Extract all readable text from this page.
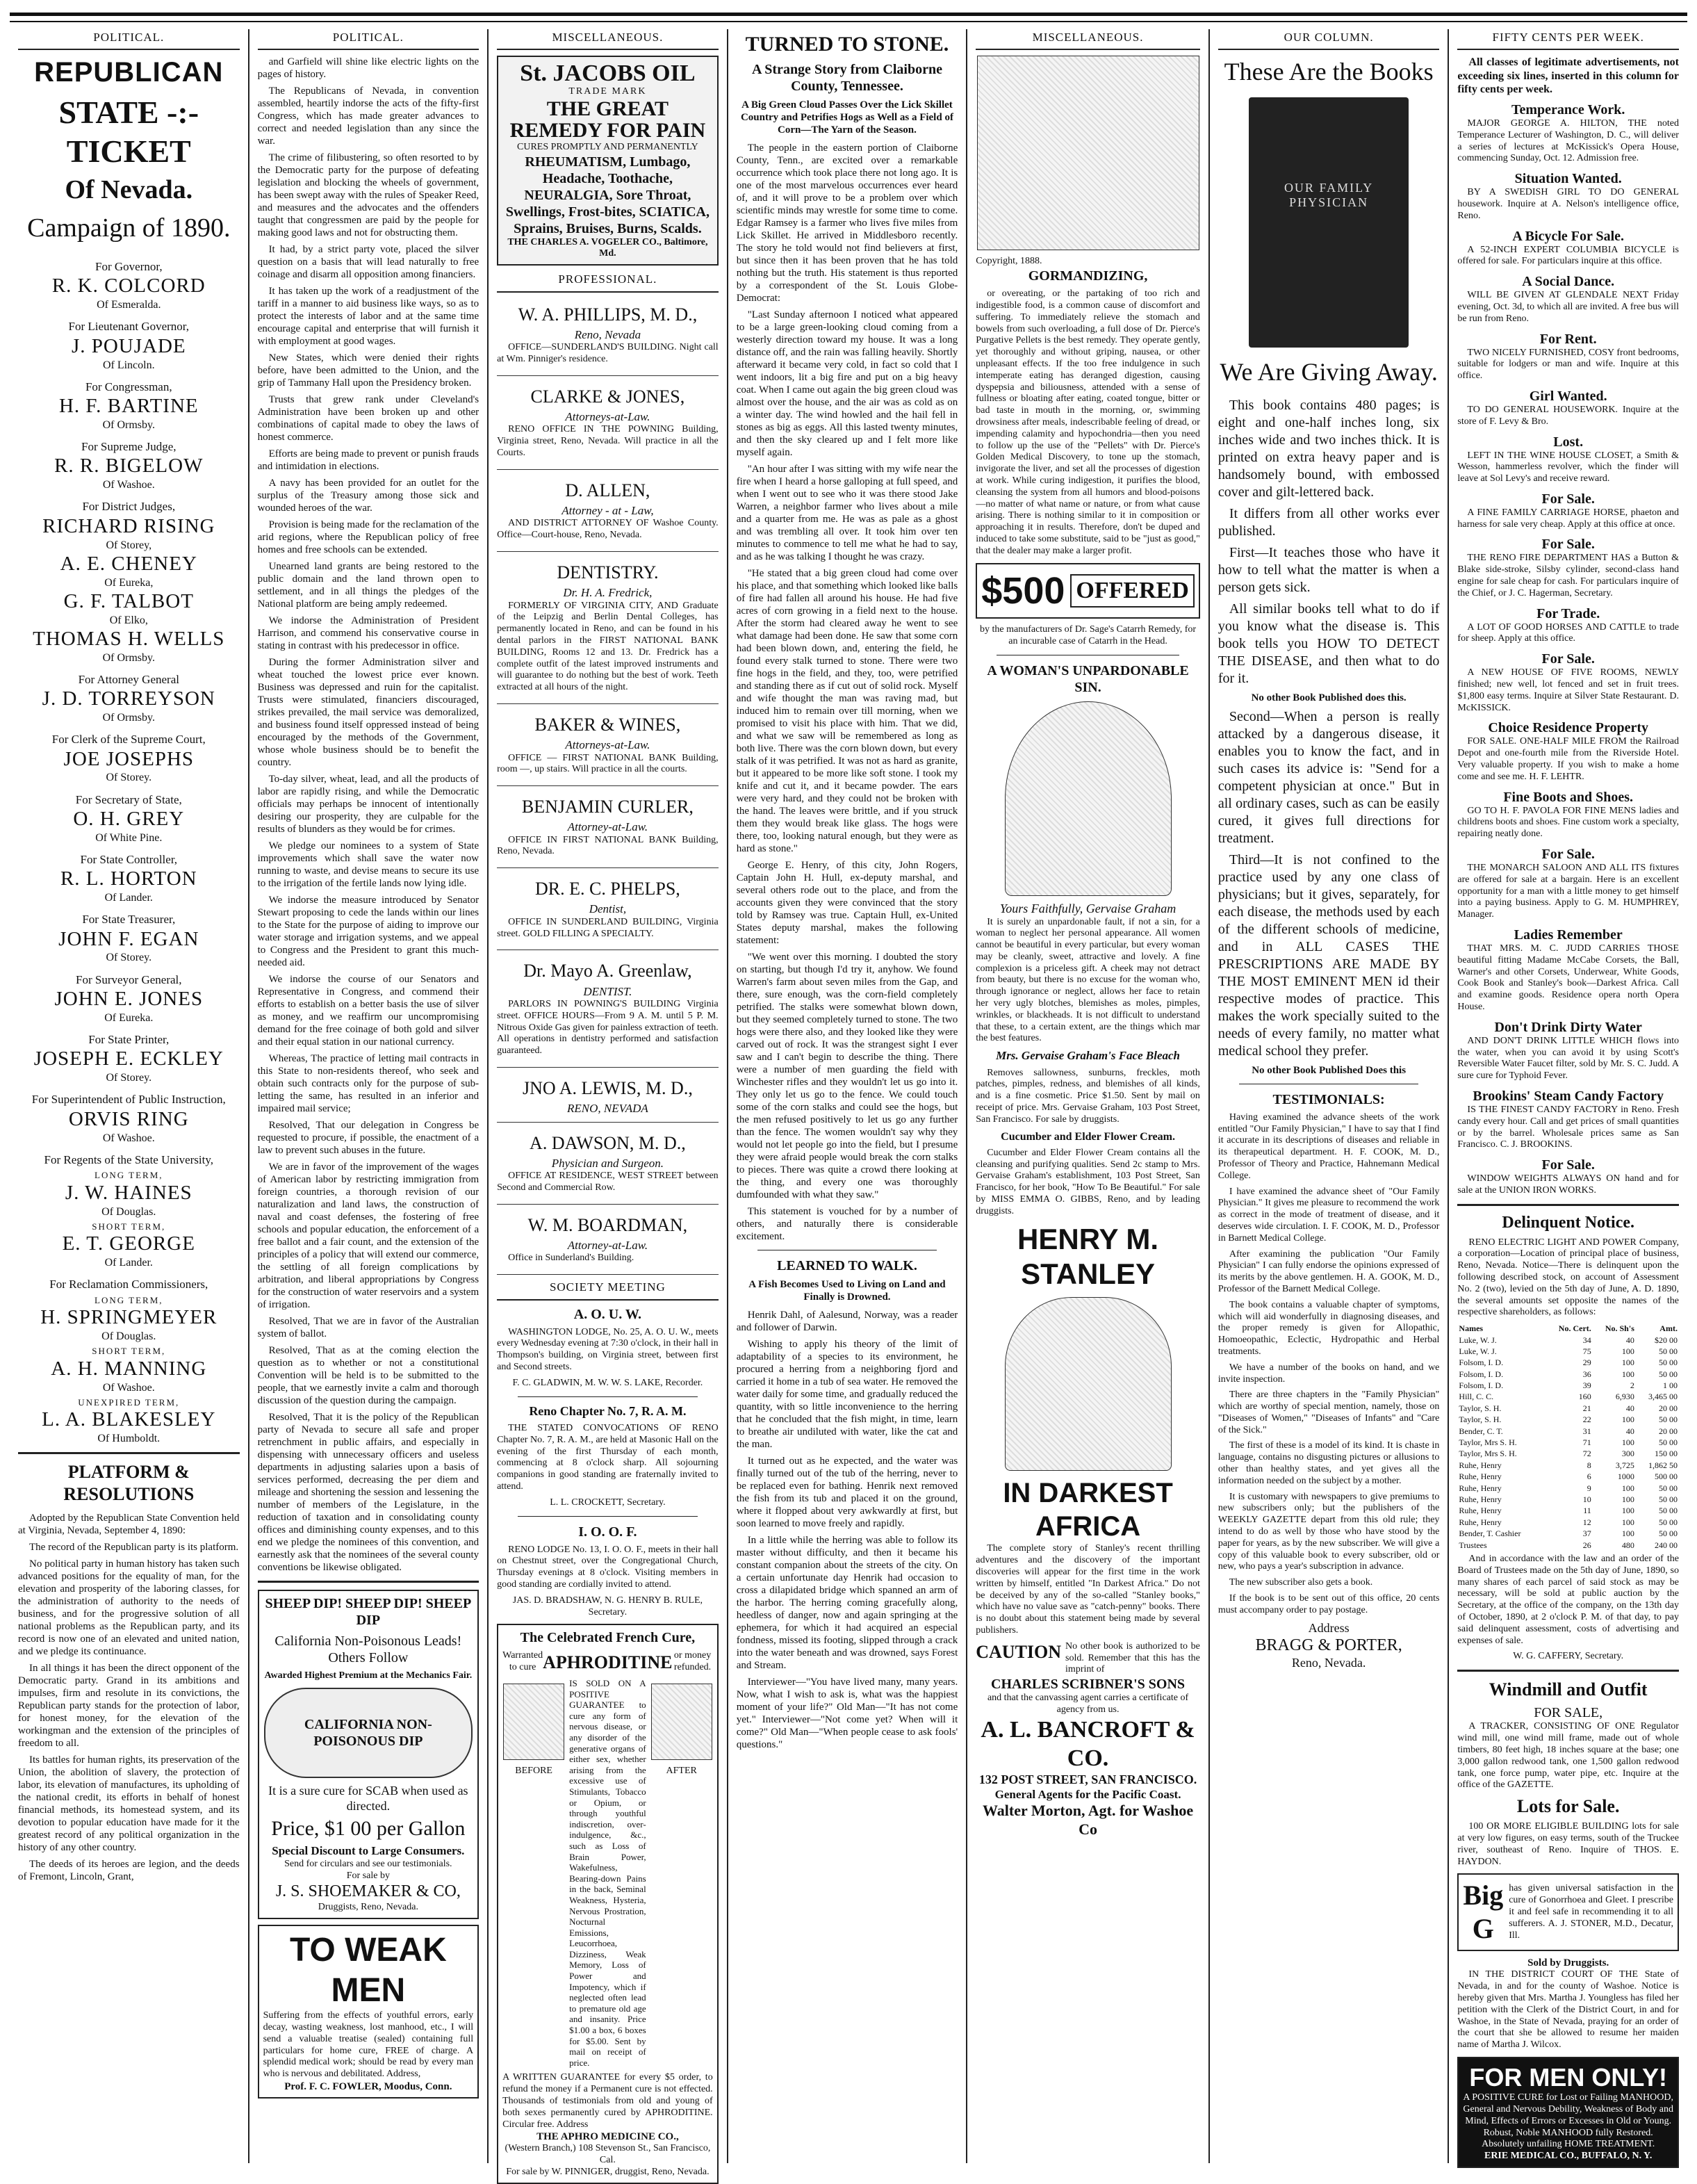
POLITICAL.
REPUBLICAN
STATE -:- TICKET
Of Nevada.
Campaign of 1890.
For Governor,
R. K. COLCORD
Of Esmeralda.
For Lieutenant Governor,
J. POUJADE
Of Lincoln.
For Congressman,
H. F. BARTINE
Of Ormsby.
For Supreme Judge,
R. R. BIGELOW
Of Washoe.
For District Judges,
RICHARD RISING
Of Storey,
A. E. CHENEY
Of Eureka,
G. F. TALBOT
Of Elko,
THOMAS H. WELLS
Of Ormsby.
For Attorney General
J. D. TORREYSON
Of Ormsby.
For Clerk of the Supreme Court,
JOE JOSEPHS
Of Storey.
For Secretary of State,
O. H. GREY
Of White Pine.
For State Controller,
R. L. HORTON
Of Lander.
For State Treasurer,
JOHN F. EGAN
Of Storey.
For Surveyor General,
JOHN E. JONES
Of Eureka.
For State Printer,
JOSEPH E. ECKLEY
Of Storey.
For Superintendent of Public Instruction,
ORVIS RING
Of Washoe.
For Regents of the State University,
LONG TERM,
J. W. HAINES
Of Douglas.
SHORT TERM,
E. T. GEORGE
Of Lander.
For Reclamation Commissioners,
LONG TERM,
H. SPRINGMEYER
Of Douglas.
SHORT TERM,
A. H. MANNING
Of Washoe.
UNEXPIRED TERM,
L. A. BLAKESLEY
Of Humboldt.
PLATFORM & RESOLUTIONS

Adopted by the Republican State Convention held at Virginia, Nevada, September 4, 1890:

The record of the Republican party is its platform.

No political party in human history has taken such advanced positions for the equality of man, for the elevation and prosperity of the laboring classes, for the administration of authority to the needs of business, and for the progressive solution of all national problems as the Republican party, and its record is now one of an elevated and united nation, and we pledge its continuance.

In all things it has been the direct opponent of the Democratic party. Grand in its ambitions and impulses, firm and resolute in its convictions, the Republican party stands for the protection of labor, for honest money, for the elevation of the workingman and the extension of the principles of freedom to all.

Its battles for human rights, its preservation of the Union, the abolition of slavery, the protection of labor, its elevation of manufactures, its upholding of the national credit, its efforts in behalf of honest financial methods, its homestead system, and its devotion to popular education have made for it the greatest record of any political organization in the history of any other country.

The deeds of its heroes are legion, and the deeds of Fremont, Lincoln, Grant,

POLITICAL.

and Garfield will shine like electric lights on the pages of history.

The Republicans of Nevada, in convention assembled, heartily indorse the acts of the fifty-first Congress, which has made greater advances to correct and needed legislation than any since the war.

The crime of filibustering, so often resorted to by the Democratic party for the purpose of defeating legislation and blocking the wheels of government, has been swept away with the rules of Speaker Reed, and measures and the advocates and the offenders taught that congressmen are paid by the people for making good laws and not for obstructing them.

It had, by a strict party vote, placed the silver question on a basis that will lead naturally to free coinage and disarm all opposition among financiers.

It has taken up the work of a readjustment of the tariff in a manner to aid business like ways, so as to protect the interests of labor and at the same time encourage capital and enterprise that will furnish it with employment at good wages.

New States, which were denied their rights before, have been admitted to the Union, and the grip of Tammany Hall upon the Presidency broken.

Trusts that grew rank under Cleveland's Administration have been broken up and other combinations of capital made to obey the laws of honest commerce.

Efforts are being made to prevent or punish frauds and intimidation in elections.

A navy has been provided for an outlet for the surplus of the Treasury among those sick and wounded heroes of the war.

Provision is being made for the reclamation of the arid regions, where the Republican policy of free homes and free schools can be extended.

Unearned land grants are being restored to the public domain and the land thrown open to settlement, and in all things the pledges of the National platform are being amply redeemed.

We indorse the Administration of President Harrison, and commend his conservative course in stating in contrast with his predecessor in office.

During the former Administration silver and wheat touched the lowest price ever known. Business was depressed and ruin for the capitalist. Trusts were stimulated, financiers discouraged, strikes prevailed, the mail service was demoralized, and business found itself oppressed instead of being encouraged by the methods of the Government, whose whole business should be to benefit the country.

To-day silver, wheat, lead, and all the products of labor are rapidly rising, and while the Democratic officials may perhaps be innocent of intentionally desiring our prosperity, they are culpable for the results of blunders as they would be for crimes.

We pledge our nominees to a system of State improvements which shall save the water now running to waste, and devise means to secure its use to the irrigation of the fertile lands now lying idle.

We indorse the measure introduced by Senator Stewart proposing to cede the lands within our lines to the State for the purpose of aiding to improve our water storage and irrigation systems, and we appeal to Congress and the President to grant this much-needed aid.

We indorse the course of our Senators and Representative in Congress, and commend their efforts to establish on a better basis the use of silver as money, and we reaffirm our uncompromising demand for the free coinage of both gold and silver and their equal station in our national currency.

Whereas, The practice of letting mail contracts in this State to non-residents thereof, who seek and obtain such contracts only for the purpose of sub-letting the same, has resulted in an inferior and impaired mail service;

Resolved, That our delegation in Congress be requested to procure, if possible, the enactment of a law to prevent such abuses in the future.

We are in favor of the improvement of the wages of American labor by restricting immigration from foreign countries, a thorough revision of our naturalization and land laws, the construction of naval and coast defenses, the fostering of free schools and popular education, the enforcement of a free ballot and a fair count, and the extension of the principles of a policy that will extend our commerce, the settling of all foreign complications by arbitration, and liberal appropriations by Congress for the construction of water reservoirs and a system of irrigation.

Resolved, That we are in favor of the Australian system of ballot.

Resolved, That as at the coming election the question as to whether or not a constitutional Convention will be held is to be submitted to the people, that we earnestly invite a calm and thorough discussion of the question during the campaign.

Resolved, That it is the policy of the Republican party of Nevada to secure all safe and proper retrenchment in public affairs, and especially in dispensing with unnecessary officers and useless departments in adjusting salaries upon a basis of services performed, decreasing the per diem and mileage and shortening the session and lessening the number of members of the Legislature, in the reduction of taxation and in consolidating county offices and diminishing county expenses, and to this end we pledge the nominees of this convention, and earnestly ask that the nominees of the several county conventions be likewise obligated.

SHEEP DIP! SHEEP DIP! SHEEP DIP
California Non-Poisonous Leads! Others Follow
Awarded Highest Premium at the Mechanics Fair.
CALIFORNIA NON-POISONOUS DIP
It is a sure cure for SCAB when used as directed.
Price, $1 00 per Gallon
Special Discount to Large Consumers.
Send for circulars and see our testimonials.
For sale by
J. S. SHOEMAKER & CO,
Druggists, Reno, Nevada.
TO WEAK MEN
Suffering from the effects of youthful errors, early decay, wasting weakness, lost manhood, etc., I will send a valuable treatise (sealed) containing full particulars for home cure, FREE of charge. A splendid medical work; should be read by every man who is nervous and debilitated. Address,
Prof. F. C. FOWLER, Moodus, Conn.
MISCELLANEOUS.
St. JACOBS OIL
TRADE MARK
THE GREAT REMEDY FOR PAIN
CURES PROMPTLY AND PERMANENTLY
RHEUMATISM, Lumbago, Headache, Toothache, NEURALGIA, Sore Throat, Swellings, Frost-bites, SCIATICA, Sprains, Bruises, Burns, Scalds.
THE CHARLES A. VOGELER CO., Baltimore, Md.
PROFESSIONAL.
W. A. PHILLIPS, M. D.,
Reno, Nevada

OFFICE—SUNDERLAND'S BUILDING. Night call at Wm. Pinniger's residence.

CLARKE & JONES,
Attorneys-at-Law.

RENO OFFICE IN THE POWNING Building, Virginia street, Reno, Nevada. Will practice in all the Courts.

D. ALLEN,
Attorney - at - Law,

AND DISTRICT ATTORNEY OF Washoe County. Office—Court-house, Reno, Nevada.

DENTISTRY.
Dr. H. A. Fredrick,

FORMERLY OF VIRGINIA CITY, AND Graduate of the Leipzig and Berlin Dental Colleges, has permanently located in Reno, and can be found in his dental parlors in the FIRST NATIONAL BANK BUILDING, Rooms 12 and 13. Dr. Fredrick has a complete outfit of the latest improved instruments and will guarantee to do nothing but the best of work. Teeth extracted at all hours of the night.

BAKER & WINES,
Attorneys-at-Law.

OFFICE — FIRST NATIONAL BANK Building, room —, up stairs. Will practice in all the courts.

BENJAMIN CURLER,
Attorney-at-Law.

OFFICE IN FIRST NATIONAL BANK Building, Reno, Nevada.

DR. E. C. PHELPS,
Dentist,

OFFICE IN SUNDERLAND BUILDING, Virginia street. GOLD FILLING A SPECIALTY.

Dr. Mayo A. Greenlaw,
DENTIST.

PARLORS IN POWNING'S BUILDING Virginia street. OFFICE HOURS—From 9 A. M. until 5 P. M. Nitrous Oxide Gas given for painless extraction of teeth. All operations in dentistry performed and satisfaction guaranteed.

JNO A. LEWIS, M. D.,
RENO, NEVADA
A. DAWSON, M. D.,
Physician and Surgeon.

OFFICE AT RESIDENCE, WEST STREET between Second and Commercial Row.

W. M. BOARDMAN,
Attorney-at-Law.

Office in Sunderland's Building.

SOCIETY MEETING
A. O. U. W.

WASHINGTON LODGE, No. 25, A. O. U. W., meets every Wednesday evening at 7:30 o'clock, in their hall in Thompson's building, on Virginia street, between first and Second streets.

F. C. GLADWIN, M. W. W. S. LAKE, Recorder.
Reno Chapter No. 7, R. A. M.

THE STATED CONVOCATIONS OF RENO Chapter No. 7, R. A. M., are held at Masonic Hall on the evening of the first Thursday of each month, commencing at 8 o'clock sharp. All sojourning companions in good standing are fraternally invited to attend.

L. L. CROCKETT, Secretary.
I. O. O. F.

RENO LODGE No. 13, I. O. O. F., meets in their hall on Chestnut street, over the Congregational Church, Thursday evenings at 8 o'clock. Visiting members in good standing are cordially invited to attend.

JAS. D. BRADSHAW, N. G. HENRY B. RULE, Secretary.
The Celebrated French Cure,
Warranted to cure APHRODITINE or money refunded.
BEFORE
IS SOLD ON A POSITIVE GUARANTEE to cure any form of nervous disease, or any disorder of the generative organs of either sex, whether arising from the excessive use of Stimulants, Tobacco or Opium, or through youthful indiscretion, over-indulgence, &c., such as Loss of Brain Power, Wakefulness, Bearing-down Pains in the back, Seminal Weakness, Hysteria, Nervous Prostration, Nocturnal Emissions, Leucorrhoea, Dizziness, Weak Memory, Loss of Power and Impotency, which if neglected often lead to premature old age and insanity. Price $1.00 a box, 6 boxes for $5.00. Sent by mail on receipt of price.
AFTER
A WRITTEN GUARANTEE for every $5 order, to refund the money if a Permanent cure is not effected. Thousands of testimonials from old and young of both sexes permanently cured by APHRODITINE. Circular free. Address
THE APHRO MEDICINE CO.,
(Western Branch,) 108 Stevenson St., San Francisco, Cal.
For sale by W. PINNIGER, druggist, Reno, Nevada.
TURNED TO STONE.
A Strange Story from Claiborne County, Tennessee.
A Big Green Cloud Passes Over the Lick Skillet Country and Petrifies Hogs as Well as a Field of Corn—The Yarn of the Season.

The people in the eastern portion of Claiborne County, Tenn., are excited over a remarkable occurrence which took place there not long ago. It is one of the most marvelous occurrences ever heard of, and it will prove to be a problem over which scientific minds may wrestle for some time to come. Edgar Ramsey is a farmer who lives five miles from Lick Skillet. He arrived in Middlesboro recently. The story he told would not find believers at first, but since then it has been proven that he has told nothing but the truth. His statement is thus reported by a correspondent of the St. Louis Globe-Democrat:

"Last Sunday afternoon I noticed what appeared to be a large green-looking cloud coming from a westerly direction toward my house. It was a long distance off, and the rain was falling heavily. Shortly afterward it became very cold, in fact so cold that I went indoors, lit a big fire and put on a big heavy coat. When I came out again the big green cloud was almost over the house, and the air was as cold as on a winter day. The wind howled and the hail fell in stones as big as eggs. All this lasted twenty minutes, and then the sky cleared up and I felt more like myself again.

"An hour after I was sitting with my wife near the fire when I heard a horse galloping at full speed, and when I went out to see who it was there stood Jake Warren, a neighbor farmer who lives about a mile and a quarter from me. He was as pale as a ghost and was trembling all over. It took him over ten minutes to commence to tell me what he had to say, and as he was talking I thought he was crazy.

"He stated that a big green cloud had come over his place, and that something which looked like balls of fire had fallen all around his house. He had five acres of corn growing in a field next to the house. After the storm had cleared away he went to see what damage had been done. He saw that some corn had been blown down, and, entering the field, he found every stalk turned to stone. There were two fine hogs in the field, and they, too, were petrified and standing there as if cut out of solid rock. Myself and wife thought the man was raving mad, but induced him to remain over till morning, when we promised to visit his place with him. That we did, and what we saw will be remembered as long as both live. There was the corn blown down, but every stalk of it was petrified. It was not as hard as granite, but it appeared to be more like soft stone. I took my knife and cut it, and it became powder. The ears were very hard, and they could not be broken with the hand. The leaves were brittle, and if you struck them they would break like glass. The hogs were there, too, looking natural enough, but they were as hard as stone."

George E. Henry, of this city, John Rogers, Captain John H. Hull, ex-deputy marshal, and several others rode out to the place, and from the accounts given they were convinced that the story told by Ramsey was true. Captain Hull, ex-United States deputy marshal, makes the following statement:

"We went over this morning. I doubted the story on starting, but though I'd try it, anyhow. We found Warren's farm about seven miles from the Gap, and there, sure enough, was the corn-field completely petrified. The stalks were somewhat blown down, but they seemed completely turned to stone. The two hogs were there also, and they looked like they were carved out of rock. It was the strangest sight I ever saw and I can't begin to describe the thing. There were a number of men guarding the field with Winchester rifles and they wouldn't let us go into it. They only let us go to the fence. We could touch some of the corn stalks and could see the hogs, but the men refused positively to let us go any further than the fence. The women wouldn't say why they would not let people go into the field, but I presume they were afraid people would break the corn stalks to pieces. There was quite a crowd there looking at the thing, and every one was thoroughly dumfounded with what they saw."

This statement is vouched for by a number of others, and naturally there is considerable excitement.

LEARNED TO WALK.
A Fish Becomes Used to Living on Land and Finally is Drowned.

Henrik Dahl, of Aalesund, Norway, was a reader and follower of Darwin.

Wishing to apply his theory of the limit of adaptability of a species to its environment, he procured a herring from a neighboring fjord and carried it home in a tub of sea water. He removed the water daily for some time, and gradually reduced the quantity, with so little inconvenience to the herring that he concluded that the fish might, in time, learn to breathe air undiluted with water, like the cat and the man.

It turned out as he expected, and the water was finally turned out of the tub of the herring, never to be replaced even for bathing. Henrik next removed the fish from its tub and placed it on the ground, where it flopped about very awkwardly at first, but soon learned to move freely and rapidly.

In a little while the herring was able to follow its master without difficulty, and then it became his constant companion about the streets of the city. On a certain unfortunate day Henrik had occasion to cross a dilapidated bridge which spanned an arm of the harbor. The herring coming gracefully along, heedless of danger, now and again springing at the ephemera, for which it had acquired an especial fondness, missed its footing, slipped through a crack into the water beneath and was drowned, says Forest and Stream.

Interviewer—"You have lived many, many years. Now, what I wish to ask is, what was the happiest moment of your life?" Old Man—"It has not come yet." Interviewer—"Not come yet? When will it come?" Old Man—"When people cease to ask fools' questions."

MISCELLANEOUS.
Copyright, 1888.
GORMANDIZING,

or overeating, or the partaking of too rich and indigestible food, is a common cause of discomfort and suffering. To immediately relieve the stomach and bowels from such overloading, a full dose of Dr. Pierce's Purgative Pellets is the best remedy. They operate gently, yet thoroughly and without griping, nausea, or other unpleasant effects. If the too free indulgence in such intemperate eating has deranged digestion, causing dyspepsia and biliousness, attended with a sense of fullness or bloating after eating, coated tongue, bitter or bad taste in mouth in the morning, or, swimming drowsiness after meals, indescribable feeling of dread, or impending calamity and hypochondria—then you need to follow up the use of the "Pellets" with Dr. Pierce's Golden Medical Discovery, to tone up the stomach, invigorate the liver, and set all the processes of digestion at work. While curing indigestion, it purifies the blood, cleansing the system from all humors and blood-poisons—no matter of what name or nature, or from what cause arising. There is nothing similar to it in composition or approaching it in results. Therefore, don't be duped and induced to take some substitute, said to be "just as good," that the dealer may make a larger profit.

$500 OFFERED
by the manufacturers of Dr. Sage's Catarrh Remedy, for an incurable case of Catarrh in the Head.
A WOMAN'S UNPARDONABLE SIN.
Yours Faithfully, Gervaise Graham

It is surely an unpardonable fault, if not a sin, for a woman to neglect her personal appearance. All women cannot be beautiful in every particular, but every woman may be cleanly, sweet, attractive and lovely. A fine complexion is a priceless gift. A cheek may not detract from beauty, but there is no excuse for the woman who, through ignorance or neglect, allows her face to retain her very ugly blotches, blemishes as moles, pimples, wrinkles, or blackheads. It is not difficult to understand that these, to a certain extent, are the things which mar the best features.

Mrs. Gervaise Graham's Face Bleach

Removes sallowness, sunburns, freckles, moth patches, pimples, redness, and blemishes of all kinds, and is a fine cosmetic. Price $1.50. Sent by mail on receipt of price. Mrs. Gervaise Graham, 103 Post Street, San Francisco. For sale by druggists.

Cucumber and Elder Flower Cream.

Cucumber and Elder Flower Cream contains all the cleansing and purifying qualities. Send 2c stamp to Mrs. Gervaise Graham's establishment, 103 Post Street, San Francisco, for her book, "How To Be Beautiful." For sale by MISS EMMA O. GIBBS, Reno, and by leading druggists.

HENRY M. STANLEY
IN DARKEST AFRICA

The complete story of Stanley's recent thrilling adventures and the discovery of the important discoveries will appear for the first time in the work written by himself, entitled "In Darkest Africa." Do not be deceived by any of the so-called "Stanley books," which have no value save as "catch-penny" books. There is no doubt about this statement being made by several publishers.

CAUTION No other book is authorized to be sold. Remember that this has the imprint of
CHARLES SCRIBNER'S SONS
and that the canvassing agent carries a certificate of agency from us.
A. L. BANCROFT & CO.
132 POST STREET, SAN FRANCISCO.
General Agents for the Pacific Coast.
Walter Morton, Agt. for Washoe Co
OUR COLUMN.
These Are the Books
OUR FAMILY PHYSICIAN
We Are Giving Away.

This book contains 480 pages; is eight and one-half inches long, six inches wide and two inches thick. It is printed on extra heavy paper and is handsomely bound, with embossed cover and gilt-lettered back.

It differs from all other works ever published.

First—It teaches those who have it how to tell what the matter is when a person gets sick.

All similar books tell what to do if you know what the disease is. This book tells you HOW TO DETECT THE DISEASE, and then what to do for it.

No other Book Published does this.

Second—When a person is really attacked by a dangerous disease, it enables you to know the fact, and in such cases its advice is: "Send for a competent physician at once." But in all ordinary cases, such as can be easily cured, it gives full directions for treatment.

Third—It is not confined to the practice used by any one class of physicians; but it gives, separately, for each disease, the methods used by each of the different schools of medicine, and in ALL CASES THE PRESCRIPTIONS ARE MADE BY THE MOST EMINENT MEN id their respective modes of practice. This makes the work specially suited to the needs of every family, no matter what medical school they prefer.

No other Book Published Does this
TESTIMONIALS:

Having examined the advance sheets of the work entitled "Our Family Physician," I have to say that I find it accurate in its descriptions of diseases and reliable in its therapeutical department. H. F. COOK, M. D., Professor of Theory and Practice, Hahnemann Medical College.

I have examined the advance sheet of "Our Family Physician." It gives me pleasure to recommend the work as correct in the mode of treatment of disease, and it deserves wide circulation. I. F. COOK, M. D., Professor in Barnett Medical College.

After examining the publication "Our Family Physician" I can fully endorse the opinions expressed of its merits by the above gentlemen. H. A. GOOK, M. D., Professor of the Barnett Medical College.

The book contains a valuable chapter of symptoms, which will aid wonderfully in diagnosing diseases, and the proper remedy is given for Allopathic, Homoeopathic, Eclectic, Hydropathic and Herbal treatments.

We have a number of the books on hand, and we invite inspection.

There are three chapters in the "Family Physician" which are worthy of special mention, namely, those on "Diseases of Women," "Diseases of Infants" and "Care of the Sick."

The first of these is a model of its kind. It is chaste in language, contains no disgusting pictures or allusions to other than healthy states, and yet gives all the information needed on the subject by a mother.

It is customary with newspapers to give premiums to new subscribers only; but the publishers of the WEEKLY GAZETTE depart from this old rule; they intend to do as well by those who have stood by the paper for years, as by the new subscriber. We will give a copy of this valuable book to every subscriber, old or new, who pays a year's subscription in advance.

The new subscriber also gets a book.

If the book is to be sent out of this office, 20 cents must accompany order to pay postage.

Address
BRAGG & PORTER,
Reno, Nevada.
FIFTY CENTS PER WEEK.

All classes of legitimate advertisements, not exceeding six lines, inserted in this column for fifty cents per week.

Temperance Work.

MAJOR GEORGE A. HILTON, THE noted Temperance Lecturer of Washington, D. C., will deliver a series of lectures at McKissick's Opera House, commencing Sunday, Oct. 12. Admission free.

Situation Wanted.

BY A SWEDISH GIRL TO DO GENERAL housework. Inquire at A. Nelson's intelligence office, Reno.

A Bicycle For Sale.

A 52-INCH EXPERT COLUMBIA BICYCLE is offered for sale. For particulars inquire at this office.

A Social Dance.

WILL BE GIVEN AT GLENDALE NEXT Friday evening, Oct. 3d, to which all are invited. A free bus will be run from Reno.

For Rent.

TWO NICELY FURNISHED, COSY front bedrooms, suitable for lodgers or man and wife. Inquire at this office.

Girl Wanted.

TO DO GENERAL HOUSEWORK. Inquire at the store of F. Levy & Bro.

Lost.

LEFT IN THE WINE HOUSE CLOSET, a Smith & Wesson, hammerless revolver, which the finder will leave at Sol Levy's and receive reward.

For Sale.

A FINE FAMILY CARRIAGE HORSE, phaeton and harness for sale very cheap. Apply at this office at once.

For Sale.

THE RENO FIRE DEPARTMENT HAS a Button & Blake side-stroke, Silsby cylinder, second-class hand engine for sale cheap for cash. For particulars inquire of the Chief, or J. C. Hagerman, Secretary.

For Trade.

A LOT OF GOOD HORSES AND CATTLE to trade for sheep. Apply at this office.

For Sale.

A NEW HOUSE OF FIVE ROOMS, NEWLY finished; new well, lot fenced and set in fruit trees. $1,800 easy terms. Inquire at Silver State Restaurant. D. McKISSICK.

Choice Residence Property

FOR SALE. ONE-HALF MILE FROM the Railroad Depot and one-fourth mile from the Riverside Hotel. Very valuable property. If you wish to make a home come and see me. H. F. LEHTR.

Fine Boots and Shoes.

GO TO H. F. PAVOLA FOR FINE MENS ladies and childrens boots and shoes. Fine custom work a specialty, repairing neatly done.

For Sale.

THE MONARCH SALOON AND ALL ITS fixtures are offered for sale at a bargain. Here is an excellent opportunity for a man with a little money to get himself into a paying business. Apply to G. M. HUMPHREY, Manager.

Ladies Remember

THAT MRS. M. C. JUDD CARRIES THOSE beautiful fitting Madame McCabe Corsets, the Ball, Warner's and other Corsets, Underwear, White Goods, Cook Book and Stanley's book—Darkest Africa. Call and examine goods. Residence opera north Opera House.

Don't Drink Dirty Water

AND DON'T DRINK LITTLE WHICH flows into the water, when you can avoid it by using Scott's Reversible Water Faucet filter, sold by Mr. S. C. Judd. A sure cure for Typhoid Fever.

Brookins' Steam Candy Factory

IS THE FINEST CANDY FACTORY in Reno. Fresh candy every hour. Call and get prices of small quantities or by the barrel. Wholesale prices same as San Francisco. C. J. BROOKINS.

For Sale.

WINDOW WEIGHTS ALWAYS ON hand and for sale at the UNION IRON WORKS.

Delinquent Notice.

RENO ELECTRIC LIGHT AND POWER Company, a corporation—Location of principal place of business, Reno, Nevada. Notice—There is delinquent upon the following described stock, on account of Assessment No. 2 (two), levied on the 5th day of June, A. D. 1890, the several amounts set opposite the names of the respective shareholders, as follows:

Names	No. Cert.	No. Sh's	Amt.
Luke, W. J.	34	40	$20 00
Luke, W. J.	75	100	50 00
Folsom, I. D.	29	100	50 00
Folsom, I. D.	36	100	50 00
Folsom, I. D.	39	2	1 00
Hill, C. C.	160	6,930	3,465 00
Taylor, S. H.	21	40	20 00
Taylor, S. H.	22	100	50 00
Bender, C. T.	31	40	20 00
Taylor, Mrs S. H.	71	100	50 00
Taylor, Mrs S. H.	72	300	150 00
Ruhe, Henry	8	3,725	1,862 50
Ruhe, Henry	6	1000	500 00
Ruhe, Henry	9	100	50 00
Ruhe, Henry	10	100	50 00
Ruhe, Henry	11	100	50 00
Ruhe, Henry	12	100	50 00
Bender, T. Cashier	37	100	50 00
Trustees	26	480	240 00

And in accordance with the law and an order of the Board of Trustees made on the 5th day of June, 1890, so many shares of each parcel of said stock as may be necessary, will be sold at public auction by the Secretary, at the office of the company, on the 13th day of October, 1890, at 2 o'clock P. M. of that day, to pay said delinquent assessment, costs of advertising and expenses of sale.

W. G. CAFFERY, Secretary.
Windmill and Outfit
FOR SALE,

A TRACKER, CONSISTING OF ONE Regulator wind mill, one wind mill frame, made out of whole timbers, 80 feet high, 18 inches square at the base; one 3,000 gallon redwood tank, one 1,500 gallon redwood tank, one force pump, water pipe, etc. Inquire at the office of the GAZETTE.

Lots for Sale.

100 OR MORE ELIGIBLE BUILDING lots for sale at very low figures, on easy terms, south of the Truckee river, southeast of Reno. Inquire of THOS. E. HAYDON.

Big G
has given universal satisfaction in the cure of Gonorrhoea and Gleet. I prescribe it and feel safe in recommending it to all sufferers. A. J. STONER, M.D., Decatur, Ill.
Sold by Druggists.

IN THE DISTRICT COURT OF THE State of Nevada, in and for the county of Washoe. Notice is hereby given that Mrs. Martha J. Youngless has filed her petition with the Clerk of the District Court, in and for Washoe, in the State of Nevada, praying for an order of the court that she be allowed to resume her maiden name of Martha J. Wilcox.

FOR MEN ONLY!
A POSITIVE CURE for Lost or Failing MANHOOD, General and Nervous Debility, Weakness of Body and Mind, Effects of Errors or Excesses in Old or Young. Robust, Noble MANHOOD fully Restored. Absolutely unfailing HOME TREATMENT.
ERIE MEDICAL CO., BUFFALO, N. Y.
